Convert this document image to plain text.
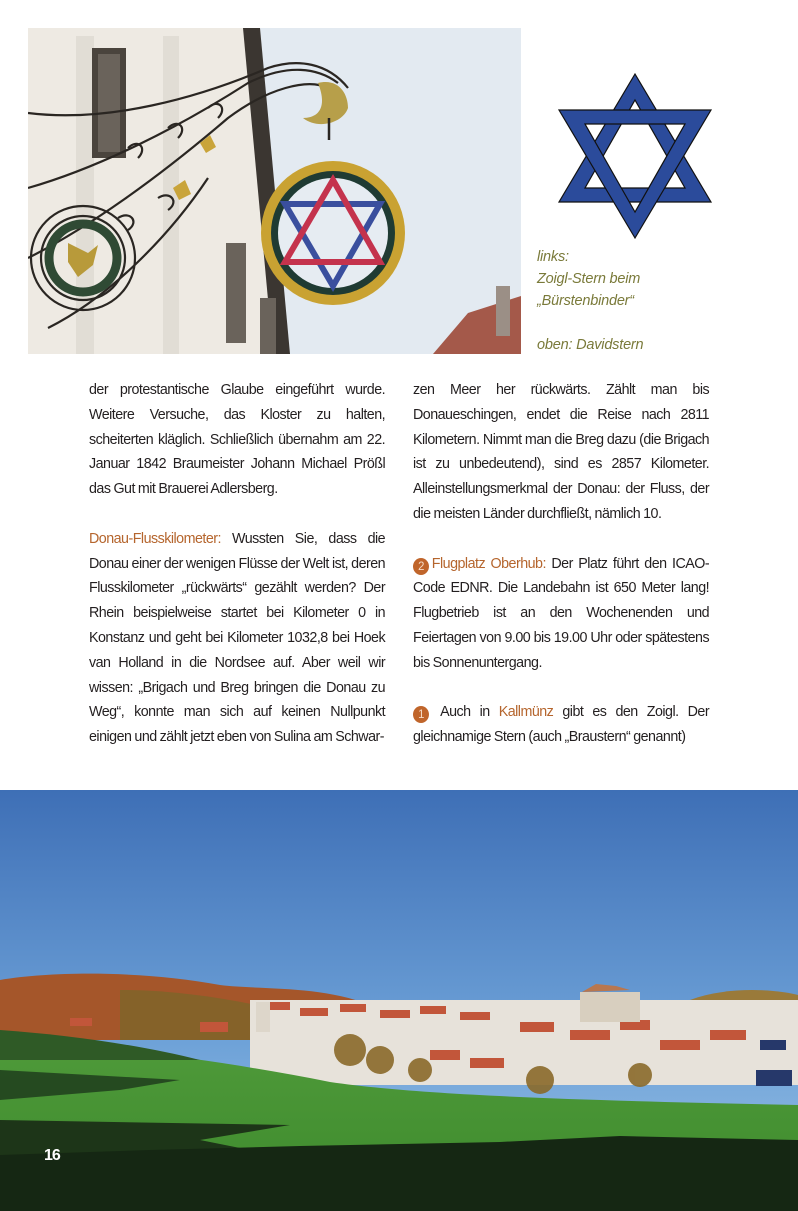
links:
Zoigl-Stern beim
„Bürstenbinder“
oben: Davidstern

der protestantische Glaube eingeführt wurde. Weitere Versuche, das Kloster zu halten, scheiterten kläglich. Schließlich übernahm am 22. Januar 1842 Braumeister Johann Michael Prößl das Gut mit Brauerei Adlersberg.

Donau-Flusskilometer: Wussten Sie, dass die Donau einer der wenigen Flüsse der Welt ist, deren Flusskilometer „rückwärts“ gezählt werden? Der Rhein beispielweise startet bei Kilometer 0 in Konstanz und geht bei Kilometer 1032,8 bei Hoek van Holland in die Nordsee auf. Aber weil wir wissen: „Brigach und Breg bringen die Donau zu Weg“, konnte man sich auf keinen Nullpunkt einigen und zählt jetzt eben von Sulina am Schwar-

zen Meer her rückwärts. Zählt man bis Donaueschingen, endet die Reise nach 2811 Kilometern. Nimmt man die Breg dazu (die Brigach ist zu unbedeutend), sind es 2857 Kilometer. Alleinstellungsmerkmal der Donau: der Fluss, der die meisten Länder durchfließt, nämlich 10.

2 Flugplatz Oberhub: Der Platz führt den ICAO-Code EDNR. Die Landebahn ist 650 Meter lang! Flugbetrieb ist an den Wochenenden und Feiertagen von 9.00 bis 19.00 Uhr oder spätestens bis Sonnenuntergang.

1 Auch in Kallmünz gibt es den Zoigl. Der gleichnamige Stern (auch „Braustern“ genannt)

16
